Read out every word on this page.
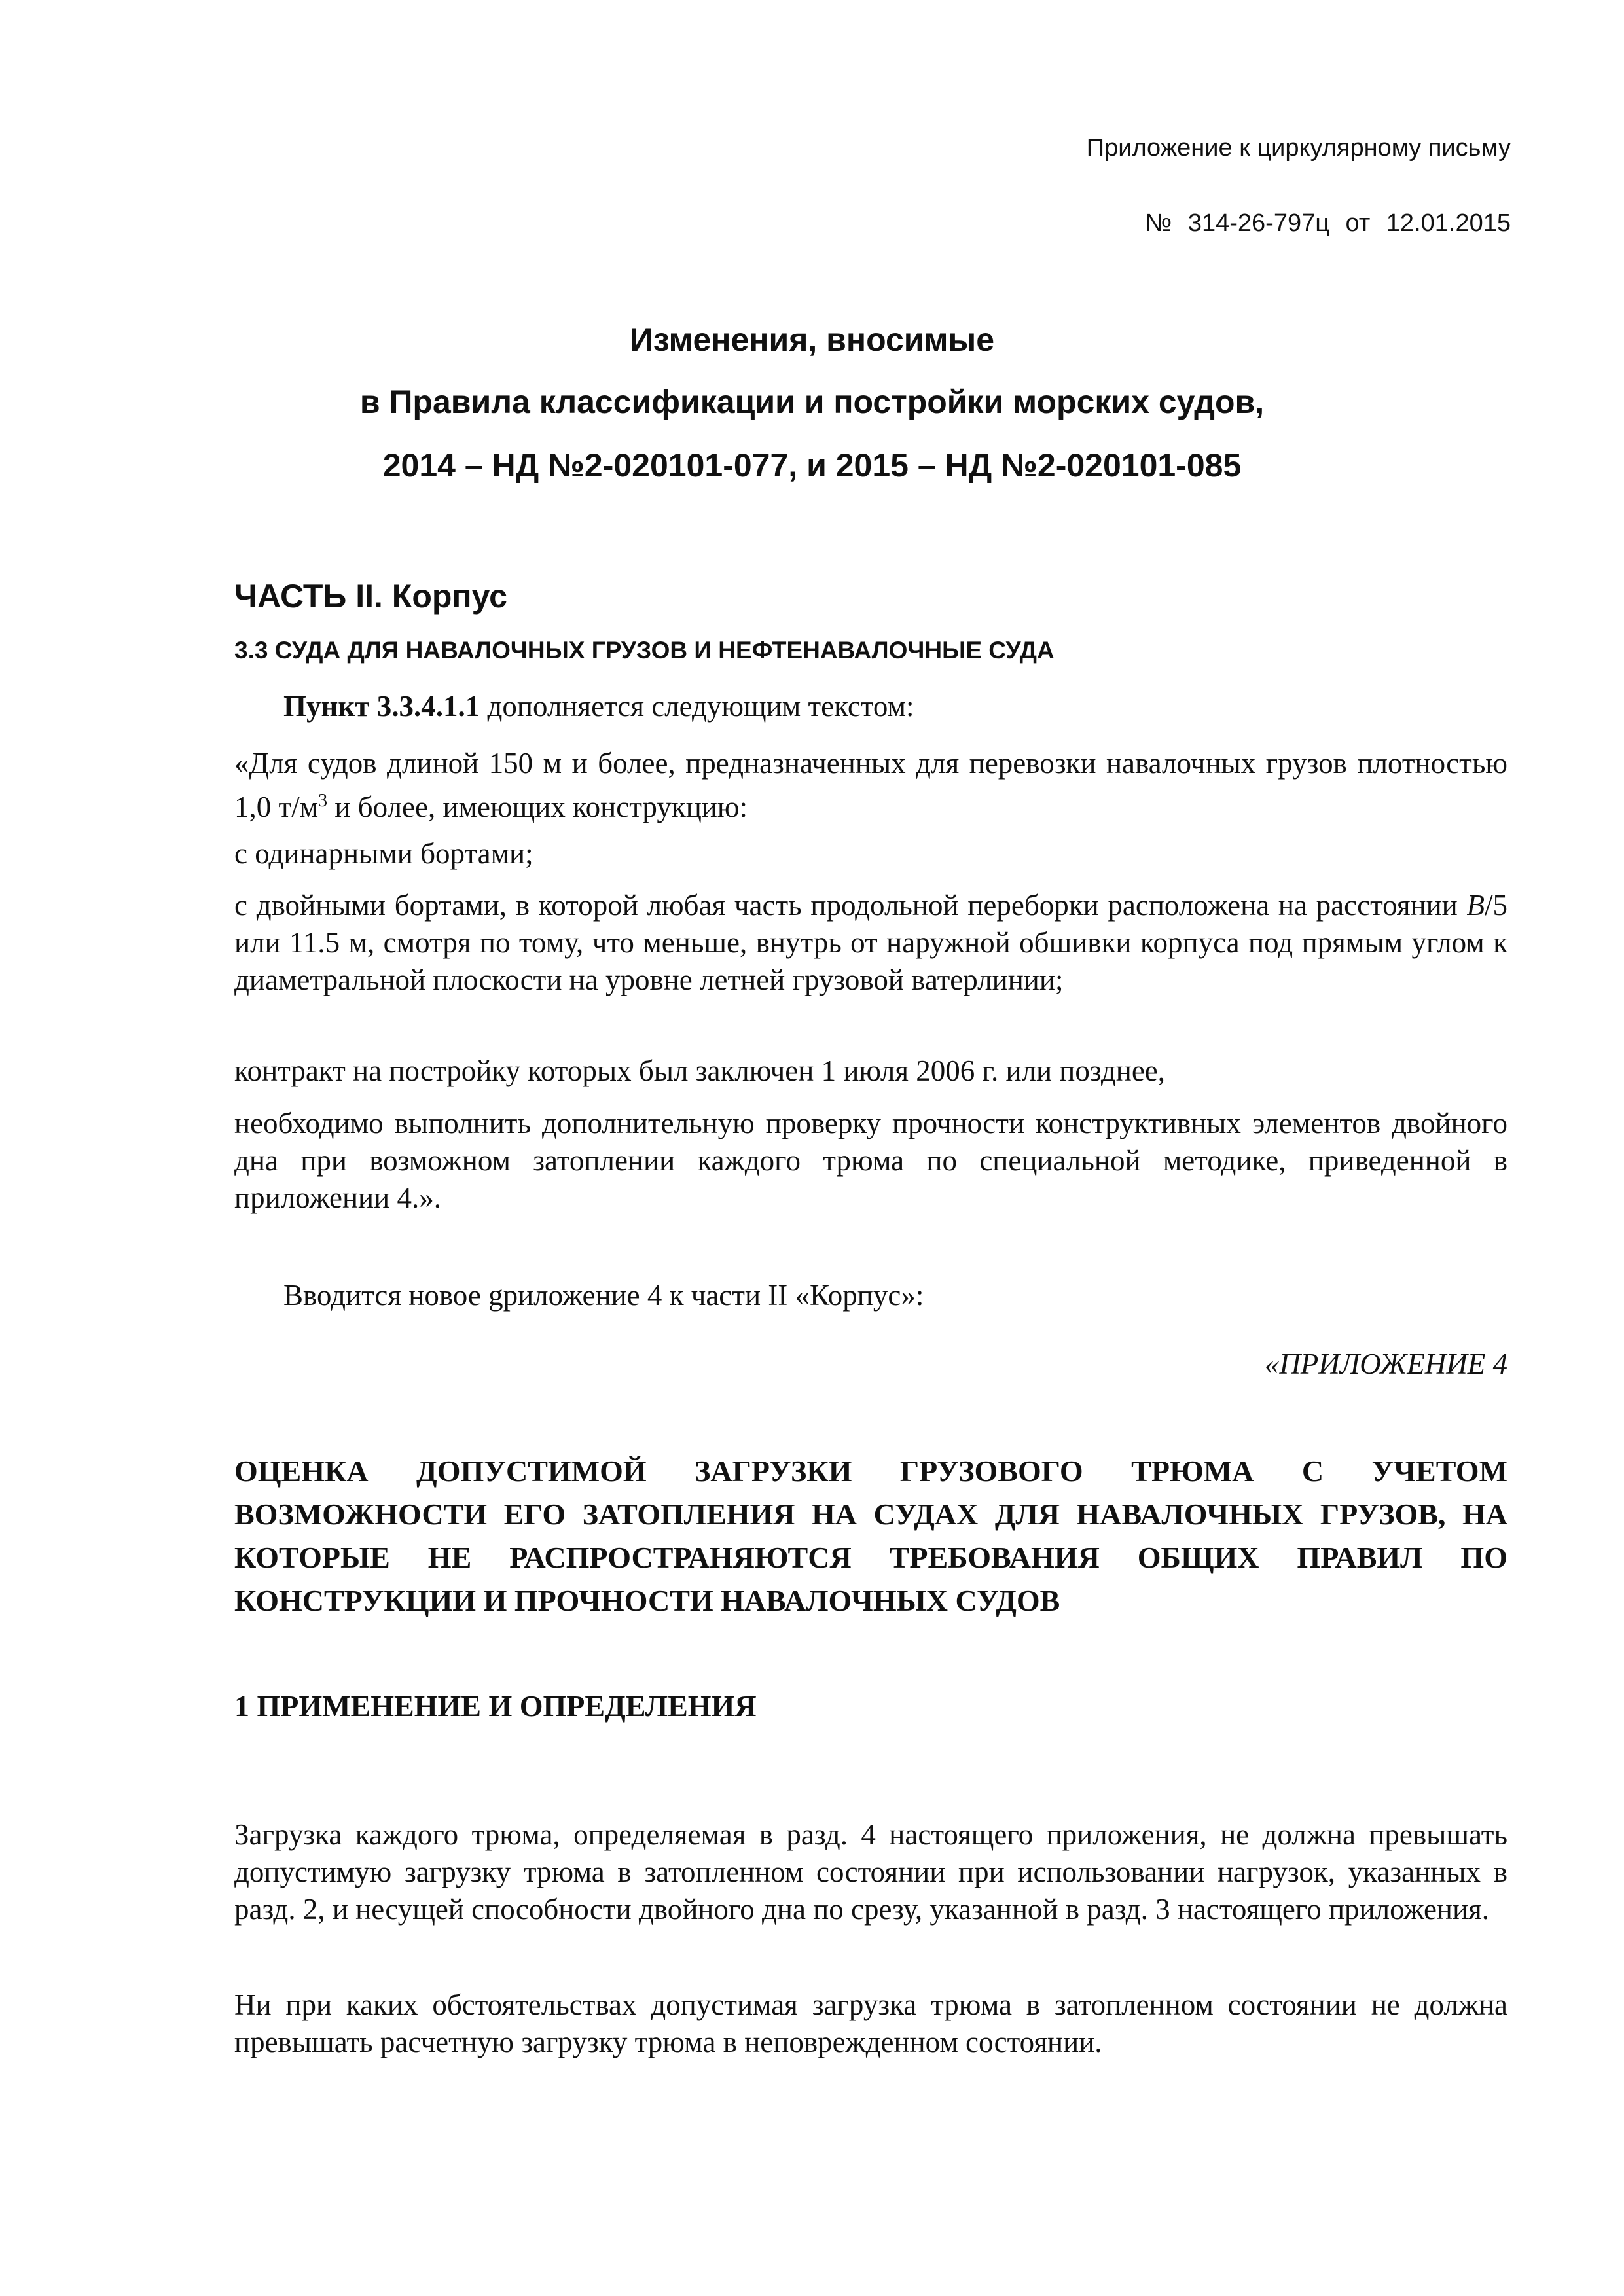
Приложение к циркулярному письму
№ 314-26-797ц от 12.01.2015
Изменения, вносимые
в Правила классификации и постройки морских судов,
2014 – НД №2-020101-077, и 2015 – НД №2-020101-085
ЧАСТЬ II. Корпус
3.3 СУДА ДЛЯ НАВАЛОЧНЫХ ГРУЗОВ И НЕФТЕНАВАЛОЧНЫЕ СУДА
Пункт 3.3.4.1.1 дополняется следующим текстом:
«Для судов длиной 150 м и более, предназначенных для перевозки навалочных грузов плотностью 1,0 $т/м^3$ и более, имеющих конструкцию:
с одинарными бортами;
с двойными бортами, в которой любая часть продольной переборки расположена на расстоянии B/5 или 11.5 м, смотря по тому, что меньше, внутрь от наружной обшивки корпуса под прямым углом к диаметральной плоскости на уровне летней грузовой ватерлинии;
контракт на постройку которых был заключен 1 июля 2006 г. или позднее,
необходимо выполнить дополнительную проверку прочности конструктивных элементов двойного дна при возможном затоплении каждого трюма по специальной методике, приведенной в приложении 4.».
Вводится новое gриложение 4 к части II «Корпус»:
«ПРИЛОЖЕНИЕ 4
ОЦЕНКА ДОПУСТИМОЙ ЗАГРУЗКИ ГРУЗОВОГО ТРЮМА С УЧЕТОМ ВОЗМОЖНОСТИ ЕГО ЗАТОПЛЕНИЯ НА СУДАХ ДЛЯ НАВАЛОЧНЫХ ГРУЗОВ, НА КОТОРЫЕ НЕ РАСПРОСТРАНЯЮТСЯ ТРЕБОВАНИЯ ОБЩИХ ПРАВИЛ ПО КОНСТРУКЦИИ И ПРОЧНОСТИ НАВАЛОЧНЫХ СУДОВ
1 ПРИМЕНЕНИЕ И ОПРЕДЕЛЕНИЯ
Загрузка каждого трюма, определяемая в разд. 4 настоящего приложения, не должна превышать допустимую загрузку трюма в затопленном состоянии при использовании нагрузок, указанных в разд. 2, и несущей способности двойного дна по срезу, указанной в разд. 3 настоящего приложения.
Ни при каких обстоятельствах допустимая загрузка трюма в затопленном состоянии не должна превышать расчетную загрузку трюма в неповрежденном состоянии.
